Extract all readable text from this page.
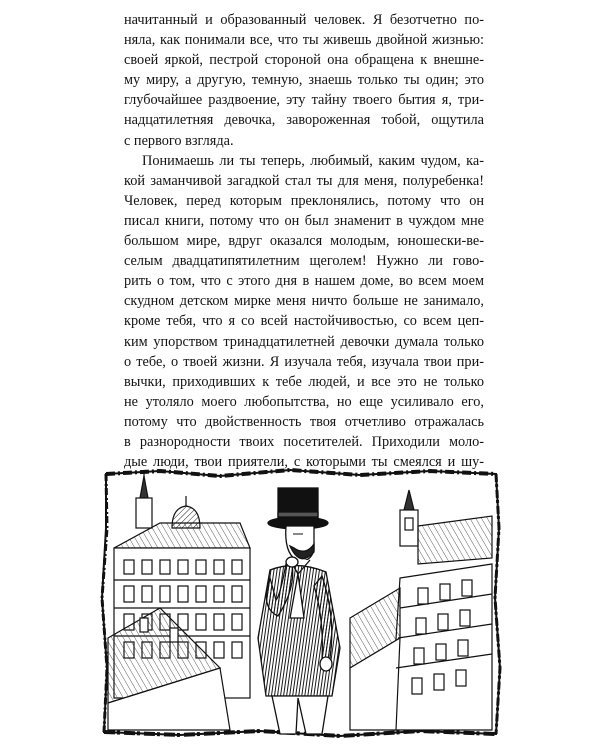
начитанный и образованный человек. Я безотчетно по-
няла, как понимали все, что ты живешь двойной жизнью:
своей яркой, пестрой стороной она обращена к внешне-
му миру, а другую, темную, знаешь только ты один; это
глубочайшее раздвоение, эту тайну твоего бытия я, три-
надцатилетняя девочка, завороженная тобой, ощутила
с первого взгляда.
Понимаешь ли ты теперь, любимый, каким чудом, ка-
кой заманчивой загадкой стал ты для меня, полуребенка!
Человек, перед которым преклонялись, потому что он
писал книги, потому что он был знаменит в чуждом мне
большом мире, вдруг оказался молодым, юношески-ве-
селым двадцатипятилетним щеголем! Нужно ли гово-
рить о том, что с этого дня в нашем доме, во всем моем
скудном детском мирке меня ничто больше не занимало,
кроме тебя, что я со всей настойчивостью, со всем цеп-
ким упорством тринадцатилетней девочки думала только
о тебе, о твоей жизни. Я изучала тебя, изучала твои при-
вычки, приходивших к тебе людей, и все это не только
не утоляло моего любопытства, но еще усиливало его,
потому что двойственность твоя отчетливо отражалась
в разнородности твоих посетителей. Приходили моло-
дые люди, твои приятели, с которыми ты смеялся и шу-
